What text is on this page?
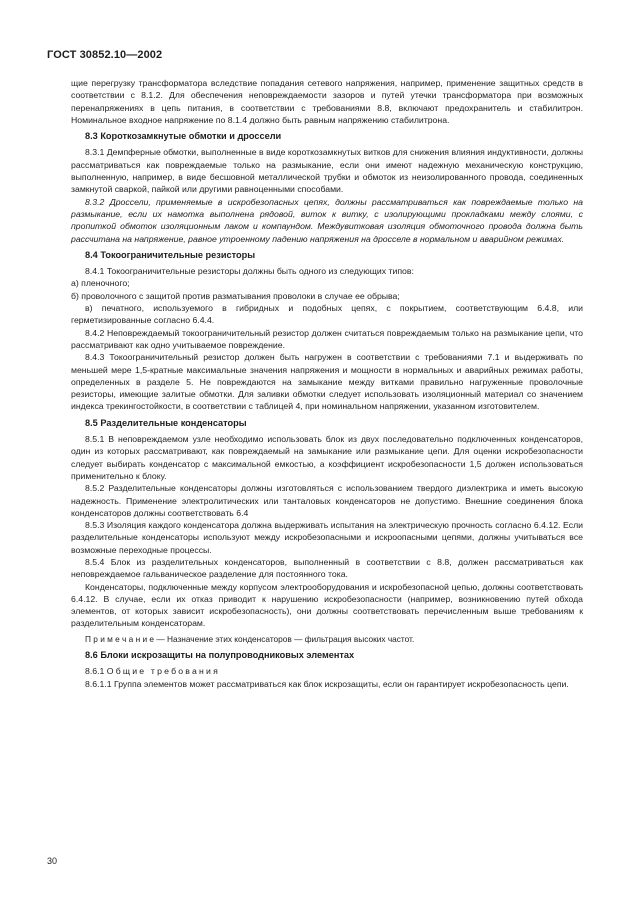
ГОСТ 30852.10—2002

щие перегрузку трансформатора вследствие попадания сетевого напряжения, например, применение защитных средств в соответствии с 8.1.2. Для обеспечения неповреждаемости зазоров и путей утечки трансформатора при возможных перенапряжениях в цепь питания, в соответствии с требованиями 8.8, включают предохранитель и стабилитрон. Номинальное входное напряжение по 8.1.4 должно быть равным напряжению стабилитрона.

8.3 Короткозамкнутые обмотки и дроссели

8.3.1 Демпферные обмотки, выполненные в виде короткозамкнутых витков для снижения влияния индуктивности, должны рассматриваться как повреждаемые только на размыкание, если они имеют надежную механическую конструкцию, выполненную, например, в виде бесшовной металлической трубки и обмоток из неизолированного провода, соединенных замкнутой сваркой, пайкой или другими равноценными способами.

8.3.2 Дроссели, применяемые в искробезопасных цепях, должны рассматриваться как повреждаемые только на размыкание, если их намотка выполнена рядовой, виток к витку, с изолирующими прокладками между слоями, с пропиткой обмоток изоляционным лаком и компаундом. Междувитковая изоляция обмоточного провода должна быть рассчитана на напряжение, равное утроенному падению напряжения на дросселе в нормальном и аварийном режимах.

8.4 Токоограничительные резисторы

8.4.1 Токоограничительные резисторы должны быть одного из следующих типов:

а) пленочного;

б) проволочного с защитой против разматывания проволоки в случае ее обрыва;

в) печатного, используемого в гибридных и подобных цепях, с покрытием, соответствующим 6.4.8, или герметизированные согласно 6.4.4.

8.4.2 Неповреждаемый токоограничительный резистор должен считаться повреждаемым только на размыкание цепи, что рассматривают как одно учитываемое повреждение.

8.4.3 Токоограничительный резистор должен быть нагружен в соответствии с требованиями 7.1 и выдерживать по меньшей мере 1,5-кратные максимальные значения напряжения и мощности в нормальных и аварийных режимах работы, определенных в разделе 5. Не повреждаются на замыкание между витками правильно нагруженные проволочные резисторы, имеющие залитые обмотки. Для заливки обмотки следует использовать изоляционный материал со значением индекса трекингостойкости, в соответствии с таблицей 4, при номинальном напряжении, указанном изготовителем.

8.5 Разделительные конденсаторы

8.5.1 В неповреждаемом узле необходимо использовать блок из двух последовательно подключенных конденсаторов, один из которых рассматривают, как повреждаемый на замыкание или размыкание цепи. Для оценки искробезопасности следует выбирать конденсатор с максимальной емкостью, а коэффициент искробезопасности 1,5 должен использоваться применительно к блоку.

8.5.2 Разделительные конденсаторы должны изготовляться с использованием твердого диэлектрика и иметь высокую надежность. Применение электролитических или танталовых конденсаторов не допустимо. Внешние соединения блока конденсаторов должны соответствовать 6.4

8.5.3 Изоляция каждого конденсатора должна выдерживать испытания на электрическую прочность согласно 6.4.12. Если разделительные конденсаторы используют между искробезопасными и искроопасными цепями, должны учитываться все возможные переходные процессы.

8.5.4 Блок из разделительных конденсаторов, выполненный в соответствии с 8.8, должен рассматриваться как неповреждаемое гальваническое разделение для постоянного тока.

Конденсаторы, подключенные между корпусом электрооборудования и искробезопасной цепью, должны соответствовать 6.4.12. В случае, если их отказ приводит к нарушению искробезопасности (например, возникновению путей обхода элементов, от которых зависит искробезопасность), они должны соответствовать перечисленным выше требованиям к разделительным конденсаторам.

П р и м е ч а н и е — Назначение этих конденсаторов — фильтрация высоких частот.

8.6 Блоки искрозащиты на полупроводниковых элементах

8.6.1 Общие требования

8.6.1.1 Группа элементов может рассматриваться как блок искрозащиты, если он гарантирует искробезопасность цепи.

30
